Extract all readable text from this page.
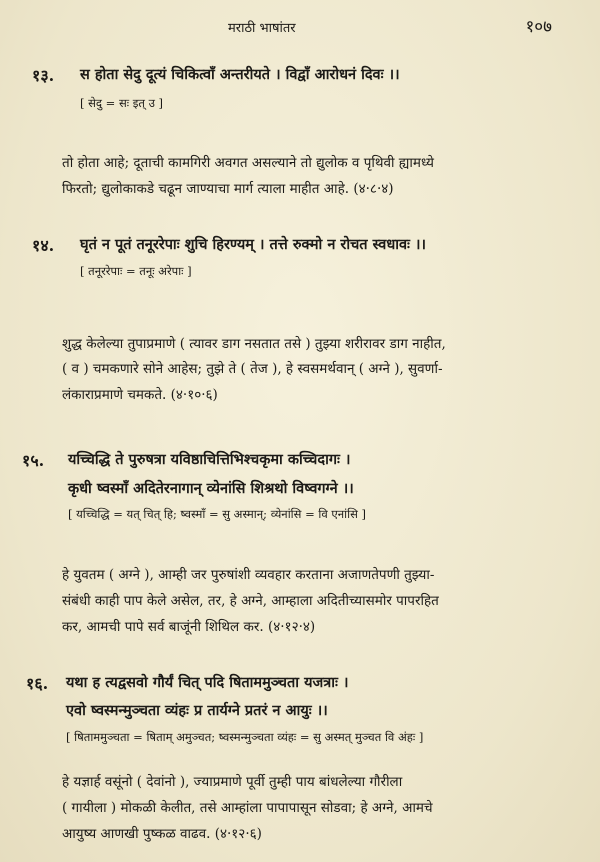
मराठी भाषांतर	१०७
१३. स होता सेदु दूत्यं चिकित्वाँ अन्तरीयते । विद्वाँ आरोधनं दिवः ।।
[ सेदु = सः इत् उ ]
तो होता आहे; दूताची कामगिरी अवगत असल्याने तो द्युलोक व पृथिवी ह्यामध्ये
फिरतो; द्युलोकाकडे चढून जाण्याचा मार्ग त्याला माहीत आहे. (४·८·४)
१४. घृतं न पूतं तनूररेपाः शुचि हिरण्यम् । तत्ते रुक्मो न रोचत स्वधावः ।।
[ तनूररेपाः = तनूः अरेपाः ]
शुद्ध केलेल्या तुपाप्रमाणे ( त्यावर डाग नसतात तसे ) तुझ्या शरीरावर डाग नाहीत,
( व ) चमकणारे सोने आहेस; तुझे ते ( तेज ), हे स्वसमर्थवान् ( अग्ने ), सुवर्णा-
लंकाराप्रमाणे चमकते. (४·१०·६)
१५. यच्चिद्धि ते पुरुषत्रा यविष्ठाचित्तिभिश्चकृमा कच्चिदागः ।
कृधी ष्वस्माँ अदितेरनागान् व्येनांसि शिश्रथो विष्वगग्ने ।।
[ यच्चिद्धि = यत् चित् हि; ष्वस्माँ = सु अस्मान्; व्येनांसि = वि एनांसि ]
हे युवतम ( अग्ने ), आम्ही जर पुरुषांशी व्यवहार करताना अजाणतेपणी तुझ्या-
संबंधी काही पाप केले असेल, तर, हे अग्ने, आम्हाला अदितीच्यासमोर पापरहित
कर, आमची पापे सर्व बाजूंनी शिथिल कर. (४·१२·४)
१६. यथा ह त्यद्वसवो गौर्यं चित् पदि षिताममुञ्चता यजत्राः ।
एवो ष्वस्मन्मुञ्चता व्यंहः प्र तार्यग्ने प्रतरं न आयुः ।।
[ षिताममुञ्चता = षिताम् अमुञ्चत; ष्वस्मन्मुञ्चता व्यंहः = सु अस्मत् मुञ्चत वि अंहः ]
हे यज्ञार्ह वसूंनो ( देवांनो ), ज्याप्रमाणे पूर्वी तुम्ही पाय बांधलेल्या गौरीला
( गायीला ) मोकळी केलीत, तसे आम्हांला पापापासून सोडवा; हे अग्ने, आमचे
आयुष्य आणखी पुष्कळ वाढव. (४·१२·६)
